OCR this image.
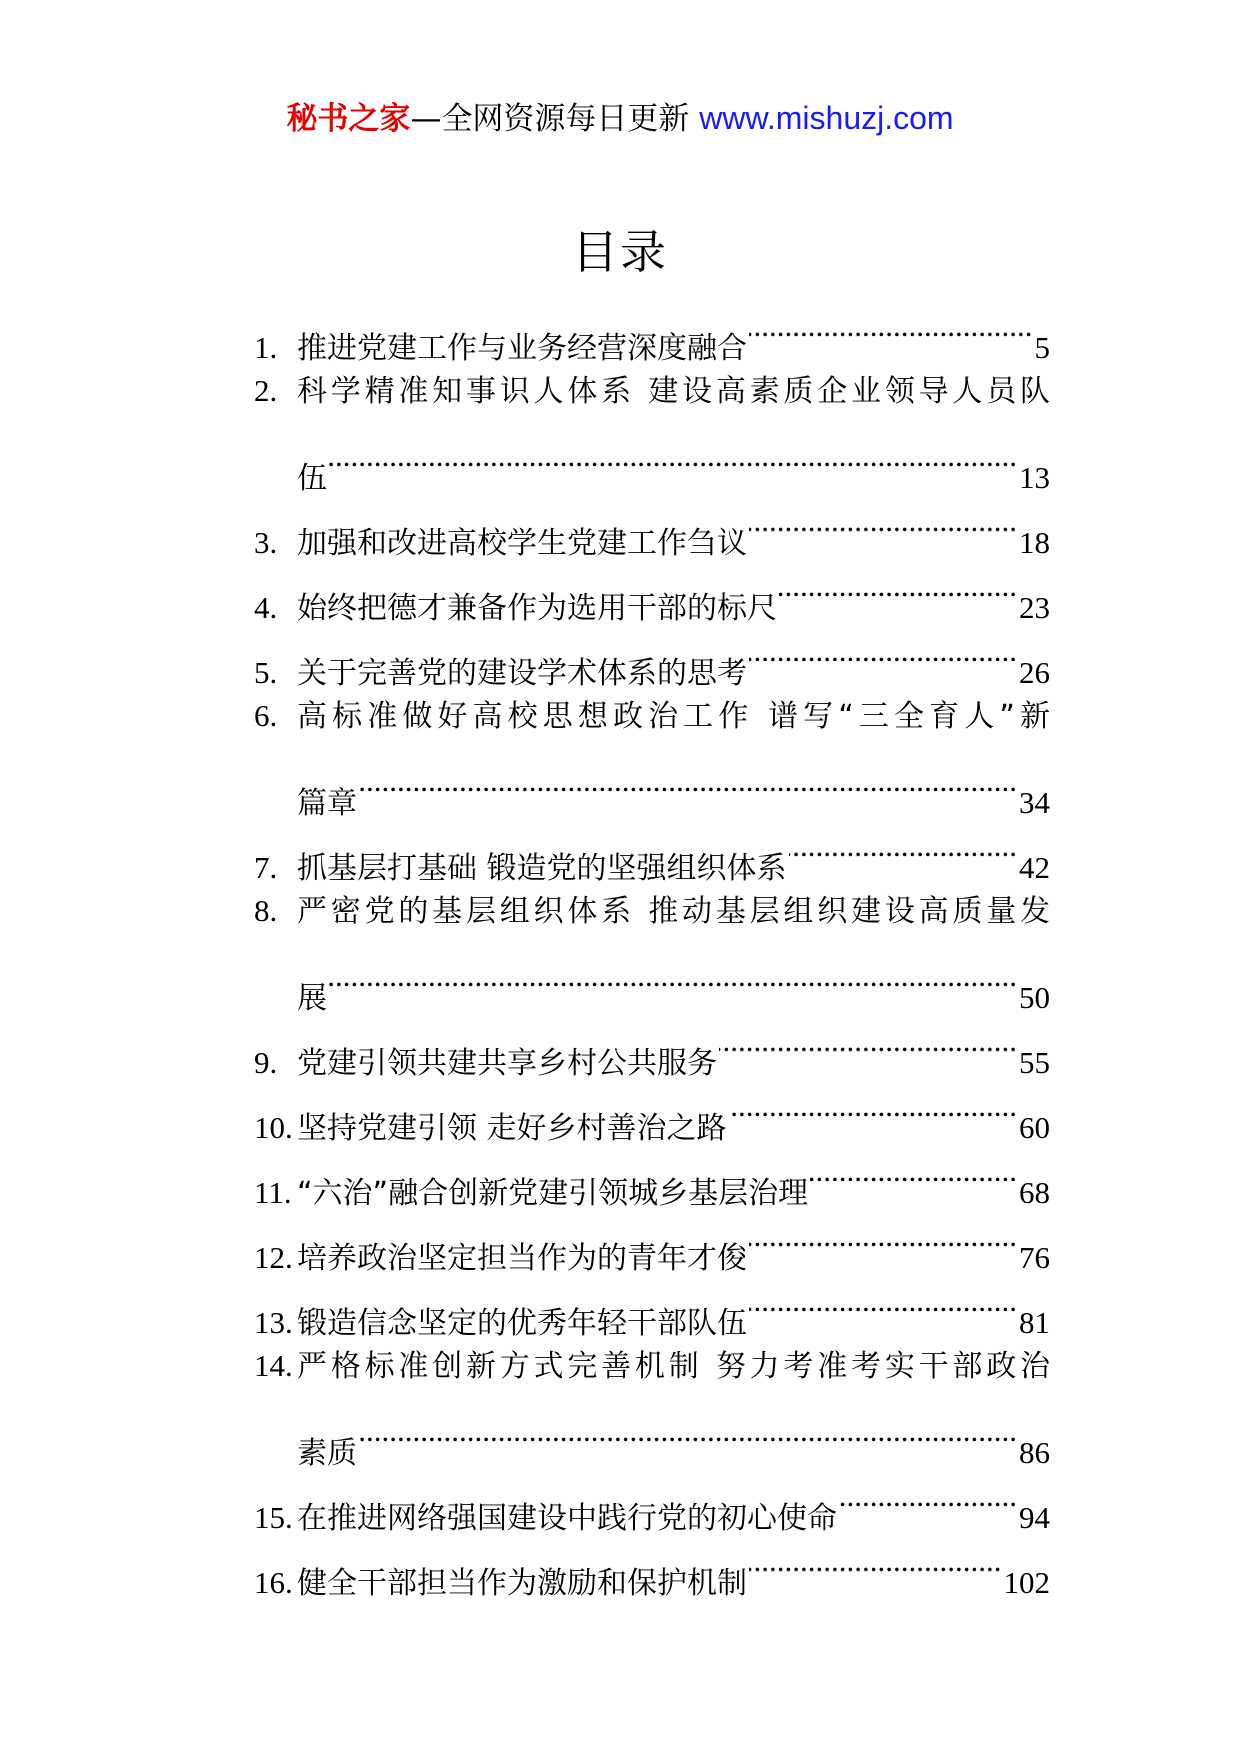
秘书之家—全网资源每日更新 www.mishuzj.com
目录
1. 推进党建工作与业务经营深度融合 .....	5
2. 科学精准知事识人体系 建设高素质企业领导人员队
伍 .....	13
3. 加强和改进高校学生党建工作刍议 .....	18
4. 始终把德才兼备作为选用干部的标尺 .....	23
5. 关于完善党的建设学术体系的思考 .....	26
6. 高标准做好高校思想政治工作 谱写“三全育人”新
篇章 .....	34
7. 抓基层打基础 锻造党的坚强组织体系 .....	42
8. 严密党的基层组织体系 推动基层组织建设高质量发
展 .....	50
9. 党建引领共建共享乡村公共服务 .....	55
10. 坚持党建引领 走好乡村善治之路 .....	60
11. “六治”融合创新党建引领城乡基层治理 .....	68
12. 培养政治坚定担当作为的青年才俊 .....	76
13. 锻造信念坚定的优秀年轻干部队伍 .....	81
14. 严格标准创新方式完善机制 努力考准考实干部政治
素质 .....	86
15. 在推进网络强国建设中践行党的初心使命 .....	94
16. 健全干部担当作为激励和保护机制 .....	102
